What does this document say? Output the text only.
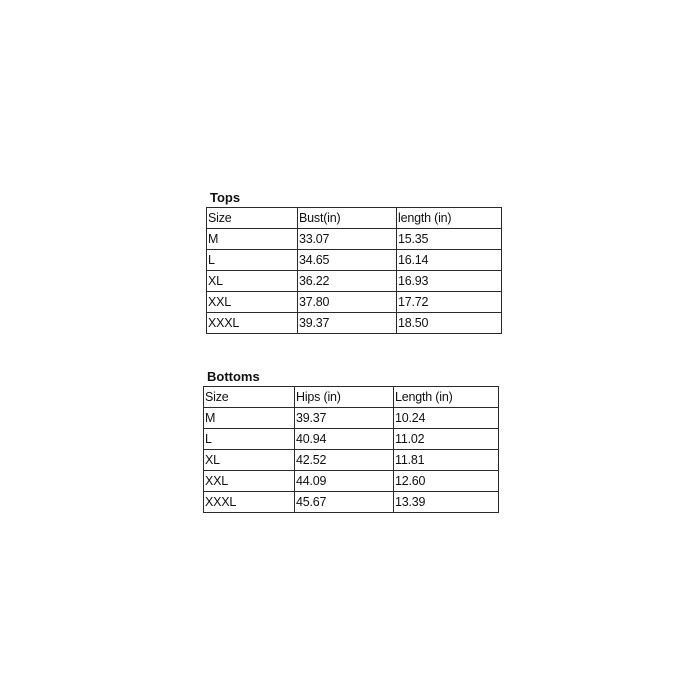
Tops
Size	Bust(in)	length (in)
M	33.07	15.35
L	34.65	16.14
XL	36.22	16.93
XXL	37.80	17.72
XXXL	39.37	18.50
Bottoms
Size	Hips (in)	Length (in)
M	39.37	10.24
L	40.94	11.02
XL	42.52	11.81
XXL	44.09	12.60
XXXL	45.67	13.39
